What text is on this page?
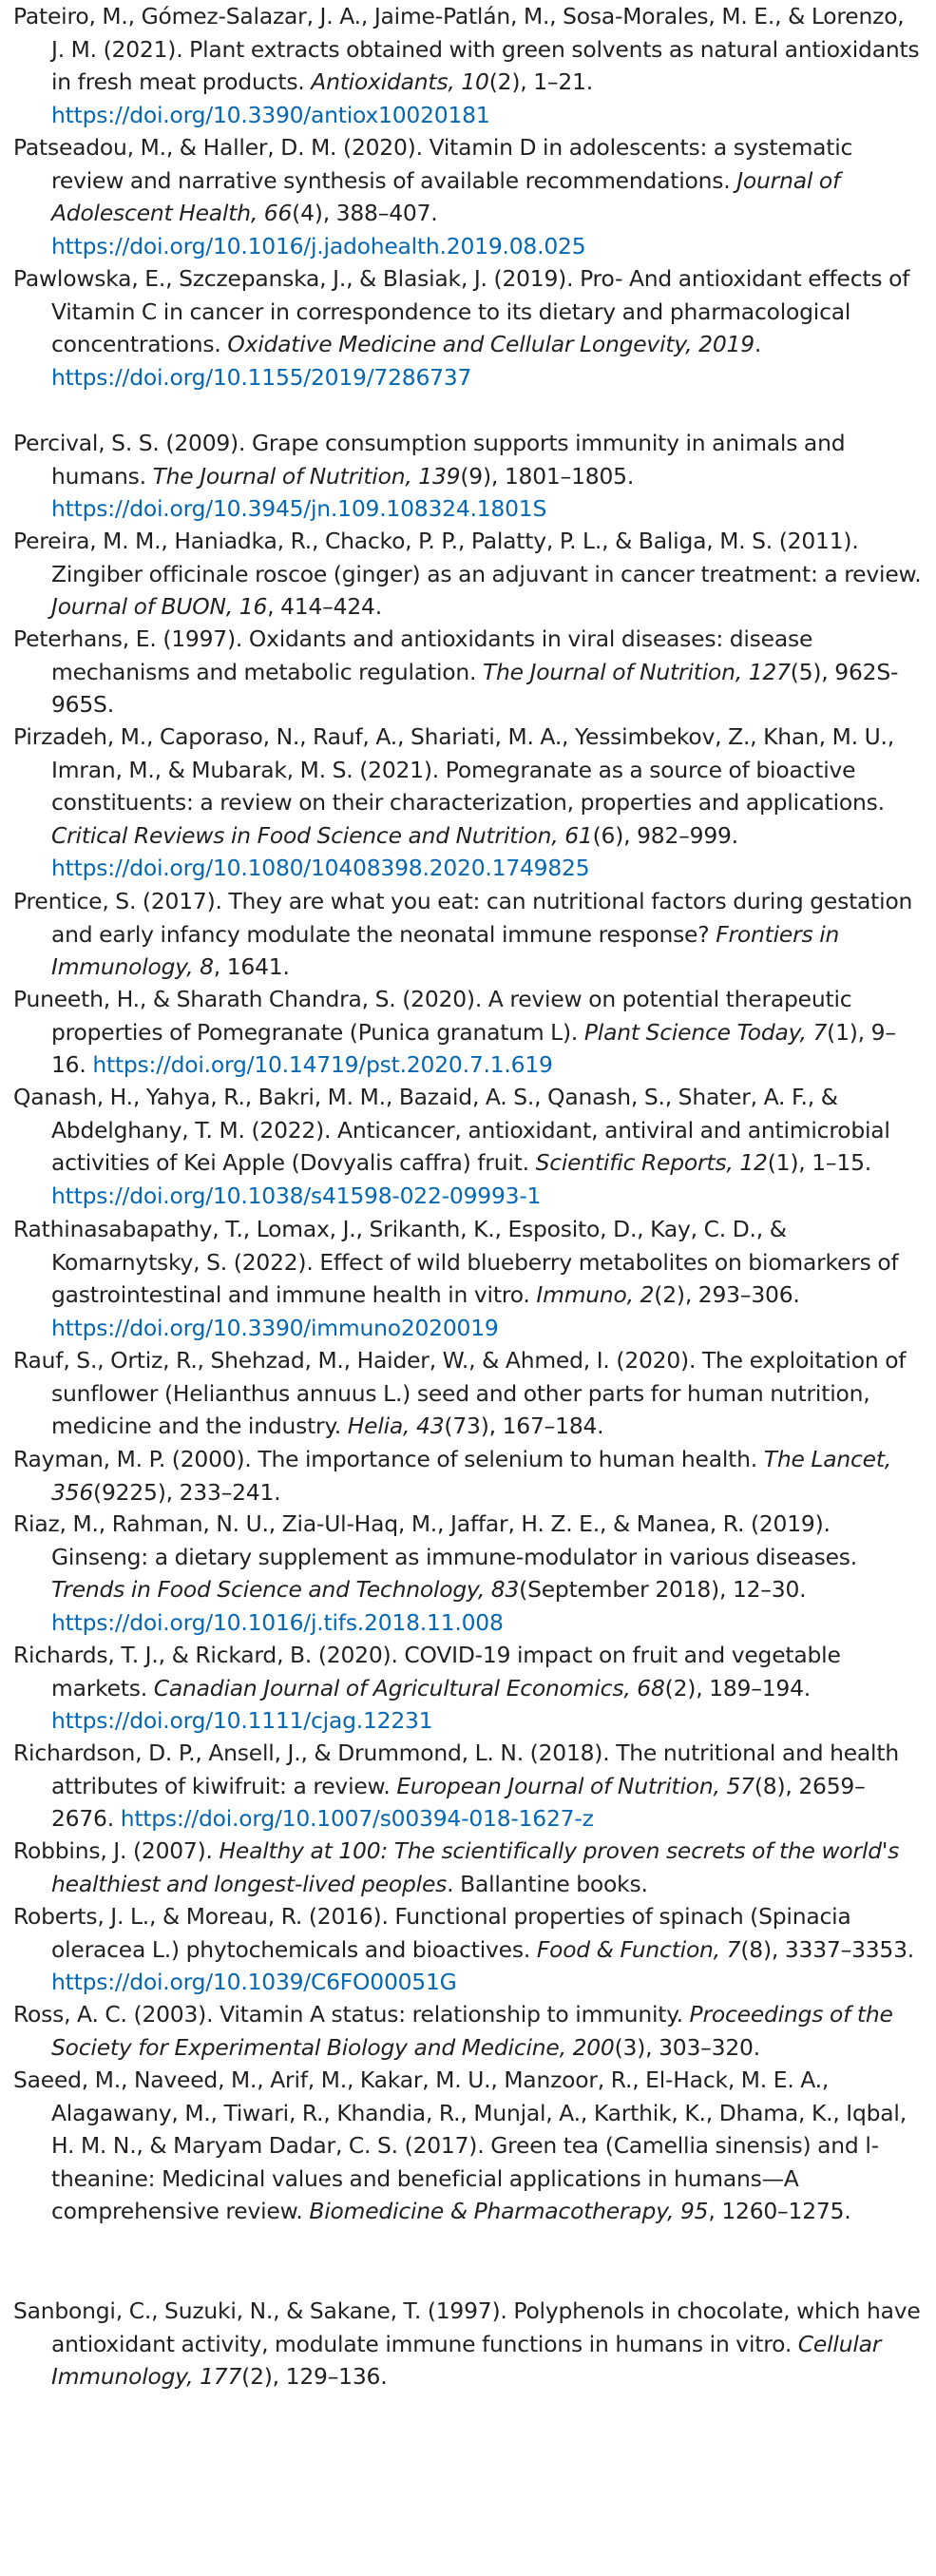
Pateiro, M., Gómez-Salazar, J. A., Jaime-Patlán, M., Sosa-Morales, M. E., & Lorenzo, J. M. (2021). Plant extracts obtained with green solvents as natural antioxidants in fresh meat products. Antioxidants, 10(2), 1–21. https://doi.org/10.3390/antiox10020181
Patseadou, M., & Haller, D. M. (2020). Vitamin D in adolescents: a systematic review and narrative synthesis of available recommendations. Journal of Adolescent Health, 66(4), 388–407. https://doi.org/10.1016/j.jadohealth.2019.08.025
Pawlowska, E., Szczepanska, J., & Blasiak, J. (2019). Pro- And antioxidant effects of Vitamin C in cancer in correspondence to its dietary and pharmacological concentrations. Oxidative Medicine and Cellular Longevity, 2019. https://doi.org/10.1155/2019/7286737
Percival, S. S. (2009). Grape consumption supports immunity in animals and humans. The Journal of Nutrition, 139(9), 1801–1805. https://doi.org/10.3945/jn.109.108324.1801S
Pereira, M. M., Haniadka, R., Chacko, P. P., Palatty, P. L., & Baliga, M. S. (2011). Zingiber officinale roscoe (ginger) as an adjuvant in cancer treatment: a review. Journal of BUON, 16, 414–424.
Peterhans, E. (1997). Oxidants and antioxidants in viral diseases: disease mechanisms and metabolic regulation. The Journal of Nutrition, 127(5), 962S-965S.
Pirzadeh, M., Caporaso, N., Rauf, A., Shariati, M. A., Yessimbekov, Z., Khan, M. U., Imran, M., & Mubarak, M. S. (2021). Pomegranate as a source of bioactive constituents: a review on their characterization, properties and applications. Critical Reviews in Food Science and Nutrition, 61(6), 982–999. https://doi.org/10.1080/10408398.2020.1749825
Prentice, S. (2017). They are what you eat: can nutritional factors during gestation and early infancy modulate the neonatal immune response? Frontiers in Immunology, 8, 1641.
Puneeth, H., & Sharath Chandra, S. (2020). A review on potential therapeutic properties of Pomegranate (Punica granatum L). Plant Science Today, 7(1), 9–16. https://doi.org/10.14719/pst.2020.7.1.619
Qanash, H., Yahya, R., Bakri, M. M., Bazaid, A. S., Qanash, S., Shater, A. F., & Abdelghany, T. M. (2022). Anticancer, antioxidant, antiviral and antimicrobial activities of Kei Apple (Dovyalis caffra) fruit. Scientific Reports, 12(1), 1–15. https://doi.org/10.1038/s41598-022-09993-1
Rathinasabapathy, T., Lomax, J., Srikanth, K., Esposito, D., Kay, C. D., & Komarnytsky, S. (2022). Effect of wild blueberry metabolites on biomarkers of gastrointestinal and immune health in vitro. Immuno, 2(2), 293–306. https://doi.org/10.3390/immuno2020019
Rauf, S., Ortiz, R., Shehzad, M., Haider, W., & Ahmed, I. (2020). The exploitation of sunflower (Helianthus annuus L.) seed and other parts for human nutrition, medicine and the industry. Helia, 43(73), 167–184.
Rayman, M. P. (2000). The importance of selenium to human health. The Lancet, 356(9225), 233–241.
Riaz, M., Rahman, N. U., Zia-Ul-Haq, M., Jaffar, H. Z. E., & Manea, R. (2019). Ginseng: a dietary supplement as immune-modulator in various diseases. Trends in Food Science and Technology, 83(September 2018), 12–30. https://doi.org/10.1016/j.tifs.2018.11.008
Richards, T. J., & Rickard, B. (2020). COVID-19 impact on fruit and vegetable markets. Canadian Journal of Agricultural Economics, 68(2), 189–194. https://doi.org/10.1111/cjag.12231
Richardson, D. P., Ansell, J., & Drummond, L. N. (2018). The nutritional and health attributes of kiwifruit: a review. European Journal of Nutrition, 57(8), 2659–2676. https://doi.org/10.1007/s00394-018-1627-z
Robbins, J. (2007). Healthy at 100: The scientifically proven secrets of the world's healthiest and longest-lived peoples. Ballantine books.
Roberts, J. L., & Moreau, R. (2016). Functional properties of spinach (Spinacia oleracea L.) phytochemicals and bioactives. Food & Function, 7(8), 3337–3353. https://doi.org/10.1039/C6FO00051G
Ross, A. C. (2003). Vitamin A status: relationship to immunity. Proceedings of the Society for Experimental Biology and Medicine, 200(3), 303–320.
Saeed, M., Naveed, M., Arif, M., Kakar, M. U., Manzoor, R., El-Hack, M. E. A., Alagawany, M., Tiwari, R., Khandia, R., Munjal, A., Karthik, K., Dhama, K., Iqbal, H. M. N., & Maryam Dadar, C. S. (2017). Green tea (Camellia sinensis) and l-theanine: Medicinal values and beneficial applications in humans—A comprehensive review. Biomedicine & Pharmacotherapy, 95, 1260–1275.
Sanbongi, C., Suzuki, N., & Sakane, T. (1997). Polyphenols in chocolate, which have antioxidant activity, modulate immune functions in humans in vitro. Cellular Immunology, 177(2), 129–136.
